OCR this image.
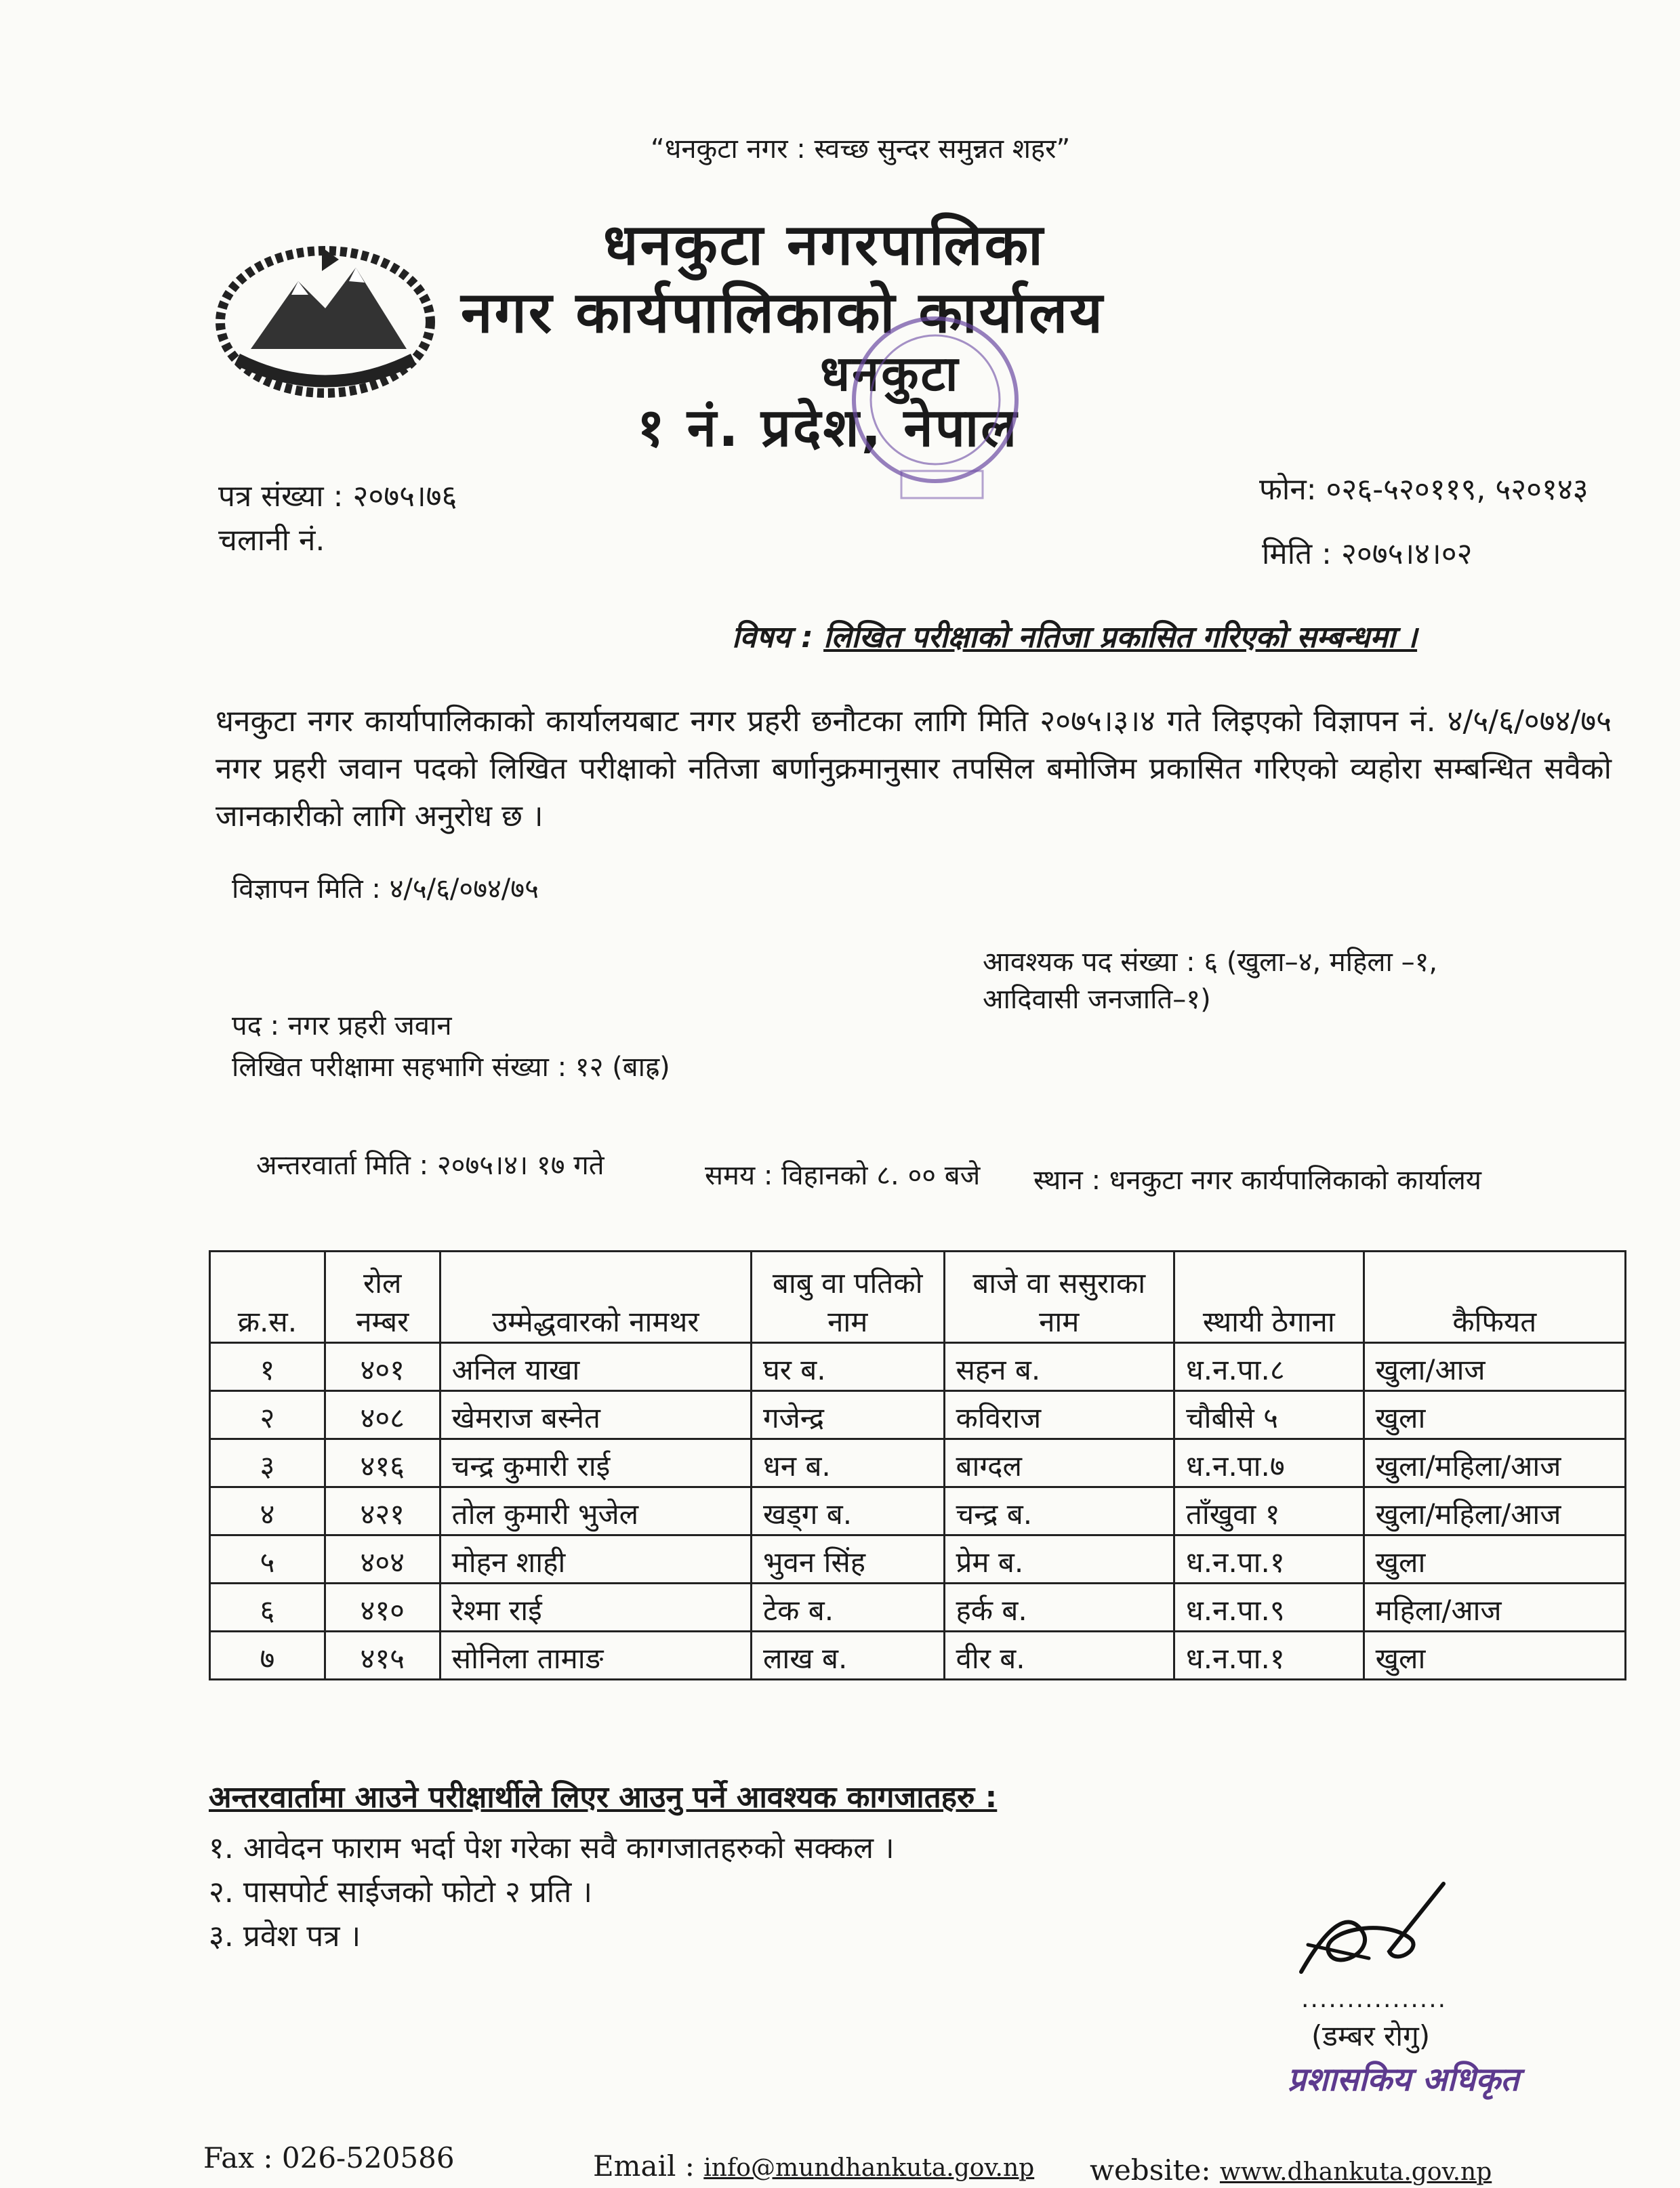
“धनकुटा नगर : स्वच्छ सुन्दर समुन्नत शहर”
धनकुटा नगरपालिका
नगर कार्यपालिकाको कार्यालय
धनकुटा
१ नं. प्रदेश, नेपाल
पत्र संख्या : २०७५।७६
चलानी नं.
फोन: ०२६-५२०११९, ५२०१४३
मिति : २०७५।४।०२
विषय : लिखित परीक्षाको नतिजा प्रकासित गरिएको सम्बन्धमा ।
धनकुटा नगर कार्यापालिकाको कार्यालयबाट नगर प्रहरी छनौटका लागि मिति २०७५।३।४ गते लिइएको विज्ञापन नं. ४/५/६/०७४/७५ नगर प्रहरी जवान पदको लिखित परीक्षाको नतिजा बर्णानुक्रमानुसार तपसिल बमोजिम प्रकासित गरिएको व्यहोरा सम्बन्धित सवैको जानकारीको लागि अनुरोध छ ।
विज्ञापन मिति : ४/५/६/०७४/७५
आवश्यक पद संख्या : ६ (खुला–४, महिला –१,
आदिवासी जनजाति–१)
पद : नगर प्रहरी जवान
लिखित परीक्षामा सहभागि संख्या : १२ (बाह्र)
अन्तरवार्ता मिति : २०७५।४। १७ गते	समय : विहानको ८. ०० बजे स्थान : धनकुटा नगर कार्यपालिकाको कार्यालय
क्र.स.	रोल नम्बर	उम्मेद्धवारको नामथर	बाबु वा पतिको नाम	बाजे वा ससुराका नाम	स्थायी ठेगाना	कैफियत
१	४०१	अनिल याखा	घर ब.	सहन ब.	ध.न.पा.८	खुला/आज
२	४०८	खेमराज बस्नेत	गजेन्द्र	कविराज	चौबीसे ५	खुला
३	४१६	चन्द्र कुमारी राई	धन ब.	बाग्दल	ध.न.पा.७	खुला/महिला/आज
४	४२१	तोल कुमारी भुजेल	खड्ग ब.	चन्द्र ब.	ताँखुवा १	खुला/महिला/आज
५	४०४	मोहन शाही	भुवन सिंह	प्रेम ब.	ध.न.पा.१	खुला
६	४१०	रेश्मा राई	टेक ब.	हर्क ब.	ध.न.पा.९	महिला/आज
७	४१५	सोनिला तामाङ	लाख ब.	वीर ब.	ध.न.पा.१	खुला
अन्तरवार्तामा आउने परीक्षार्थीले लिएर आउनु पर्ने आवश्यक कागजातहरु :
१. आवेदन फाराम भर्दा पेश गरेका सवै कागजातहरुको सक्कल ।
२. पासपोर्ट साईजको फोटो २ प्रति ।
३. प्रवेश पत्र ।
................
(डम्बर रोगु)
प्रशासकिय अधिकृत
Fax : 026-520586	Email : info@mundhankuta.gov.np website: www.dhankuta.gov.np
